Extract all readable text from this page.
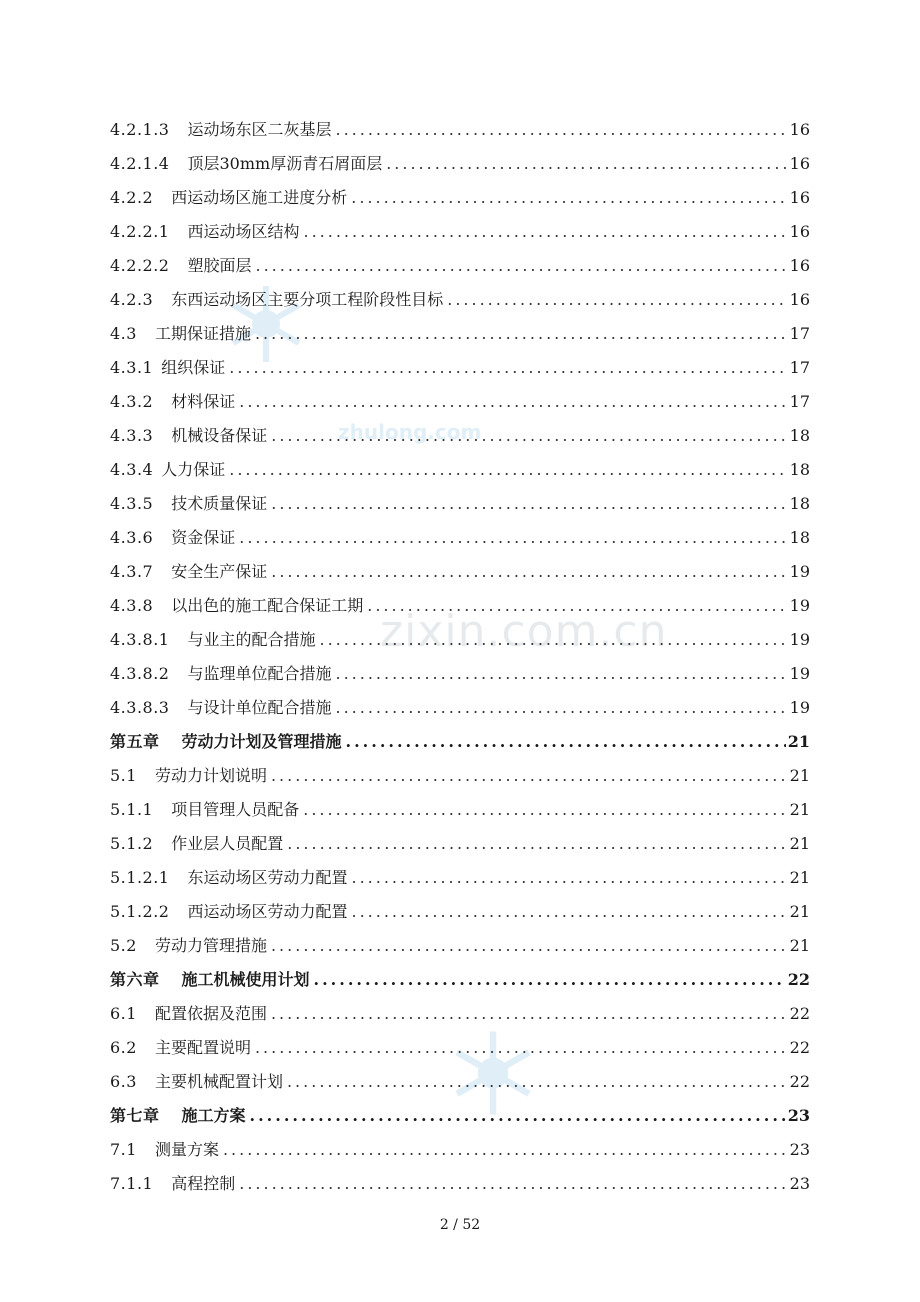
zhulong.com
zixin.com.cn
4.2.1.3 运动场东区二灰基层 .....	16
4.2.1.4 顶层30mm厚沥青石屑面层 .....	16
4.2.2 西运动场区施工进度分析 .....	16
4.2.2.1 西运动场区结构 .....	16
4.2.2.2 塑胶面层 .....	16
4.2.3 东西运动场区主要分项工程阶段性目标 .....	16
4.3 工期保证措施 .....	17
4.3.1 组织保证 .....	17
4.3.2 材料保证 .....	17
4.3.3 机械设备保证 .....	18
4.3.4 人力保证 .....	18
4.3.5 技术质量保证 .....	18
4.3.6 资金保证 .....	18
4.3.7 安全生产保证 .....	19
4.3.8 以出色的施工配合保证工期 .....	19
4.3.8.1 与业主的配合措施 .....	19
4.3.8.2 与监理单位配合措施 .....	19
4.3.8.3 与设计单位配合措施 .....	19
第五章 劳动力计划及管理措施 .....	21
5.1 劳动力计划说明 .....	21
5.1.1 项目管理人员配备 .....	21
5.1.2 作业层人员配置 .....	21
5.1.2.1 东运动场区劳动力配置 .....	21
5.1.2.2 西运动场区劳动力配置 .....	21
5.2 劳动力管理措施 .....	21
第六章 施工机械使用计划 .....	22
6.1 配置依据及范围 .....	22
6.2 主要配置说明 .....	22
6.3 主要机械配置计划 .....	22
第七章 施工方案 .....	23
7.1 测量方案 .....	23
7.1.1 高程控制 .....	23
2 / 52
